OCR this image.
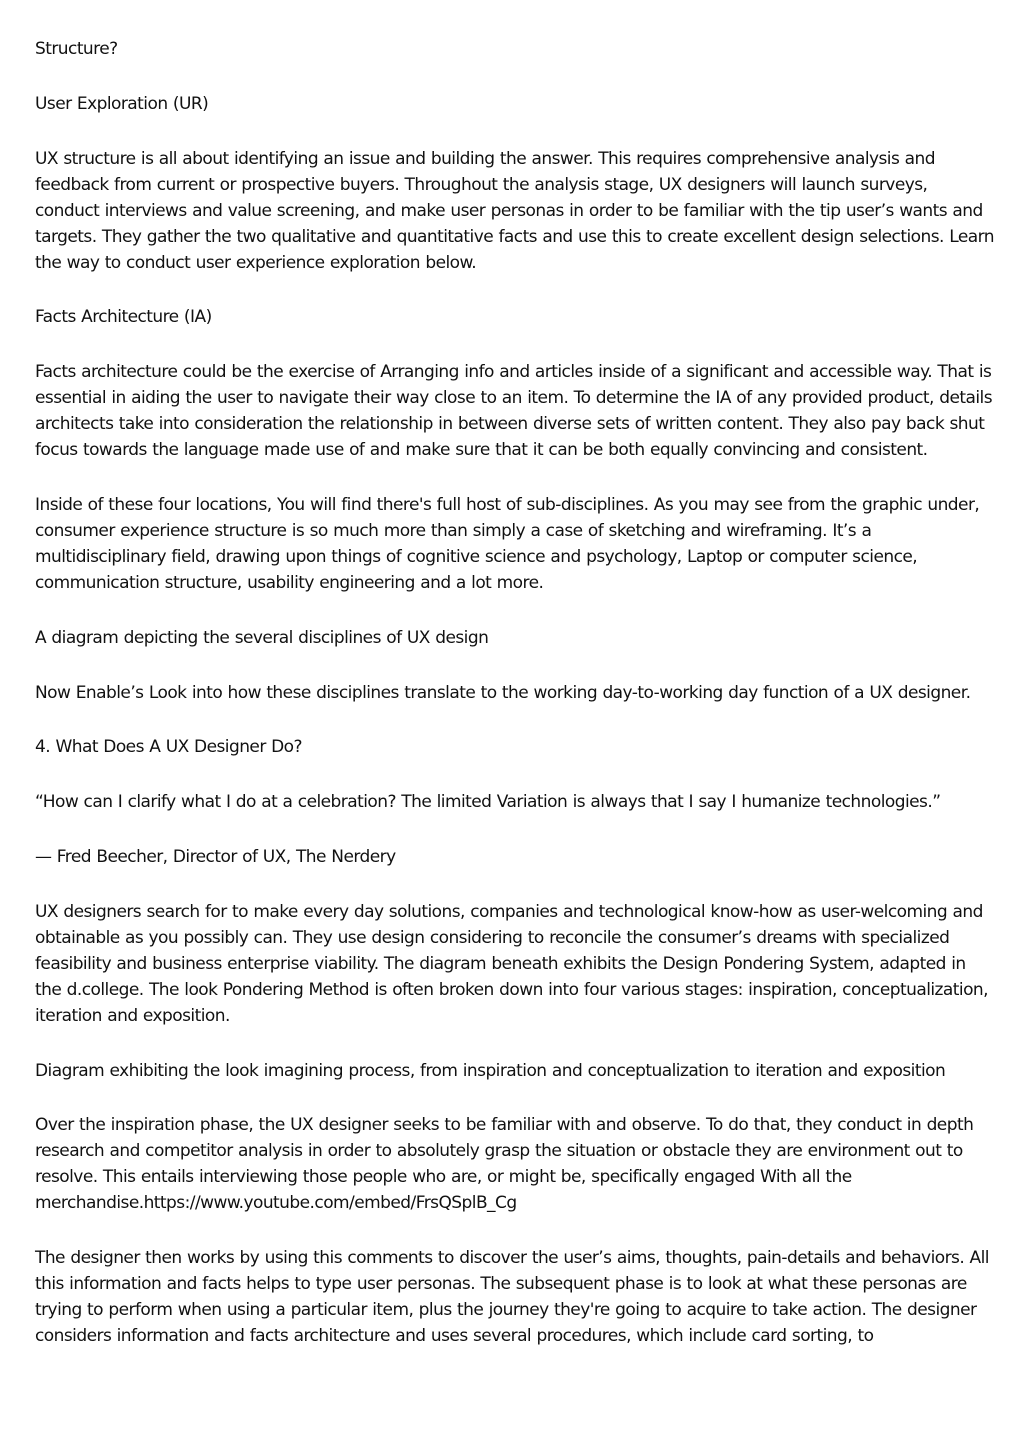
Structure?

User Exploration (UR)

UX structure is all about identifying an issue and building the answer. This requires comprehensive analysis and feedback from current or prospective buyers. Throughout the analysis stage, UX designers will launch surveys, conduct interviews and value screening, and make user personas in order to be familiar with the tip user’s wants and targets. They gather the two qualitative and quantitative facts and use this to create excellent design selections. Learn the way to conduct user experience exploration below.

Facts Architecture (IA)

Facts architecture could be the exercise of Arranging info and articles inside of a significant and accessible way. That is essential in aiding the user to navigate their way close to an item. To determine the IA of any provided product, details architects take into consideration the relationship in between diverse sets of written content. They also pay back shut focus towards the language made use of and make sure that it can be both equally convincing and consistent.

Inside of these four locations, You will find there's full host of sub-disciplines. As you may see from the graphic under, consumer experience structure is so much more than simply a case of sketching and wireframing. It’s a multidisciplinary field, drawing upon things of cognitive science and psychology, Laptop or computer science, communication structure, usability engineering and a lot more.

A diagram depicting the several disciplines of UX design

Now Enable’s Look into how these disciplines translate to the working day-to-working day function of a UX designer.

4. What Does A UX Designer Do?

“How can I clarify what I do at a celebration? The limited Variation is always that I say I humanize technologies.”

— Fred Beecher, Director of UX, The Nerdery

UX designers search for to make every day solutions, companies and technological know-how as user-welcoming and obtainable as you possibly can. They use design considering to reconcile the consumer’s dreams with specialized feasibility and business enterprise viability. The diagram beneath exhibits the Design Pondering System, adapted in the d.college. The look Pondering Method is often broken down into four various stages: inspiration, conceptualization, iteration and exposition.

Diagram exhibiting the look imagining process, from inspiration and conceptualization to iteration and exposition

Over the inspiration phase, the UX designer seeks to be familiar with and observe. To do that, they conduct in depth research and competitor analysis in order to absolutely grasp the situation or obstacle they are environment out to resolve. This entails interviewing those people who are, or might be, specifically engaged With all the merchandise.https://www.youtube.com/embed/FrsQSplB_Cg

The designer then works by using this comments to discover the user’s aims, thoughts, pain-details and behaviors. All this information and facts helps to type user personas. The subsequent phase is to look at what these personas are trying to perform when using a particular item, plus the journey they're going to acquire to take action. The designer considers information and facts architecture and uses several procedures, which include card sorting, to
